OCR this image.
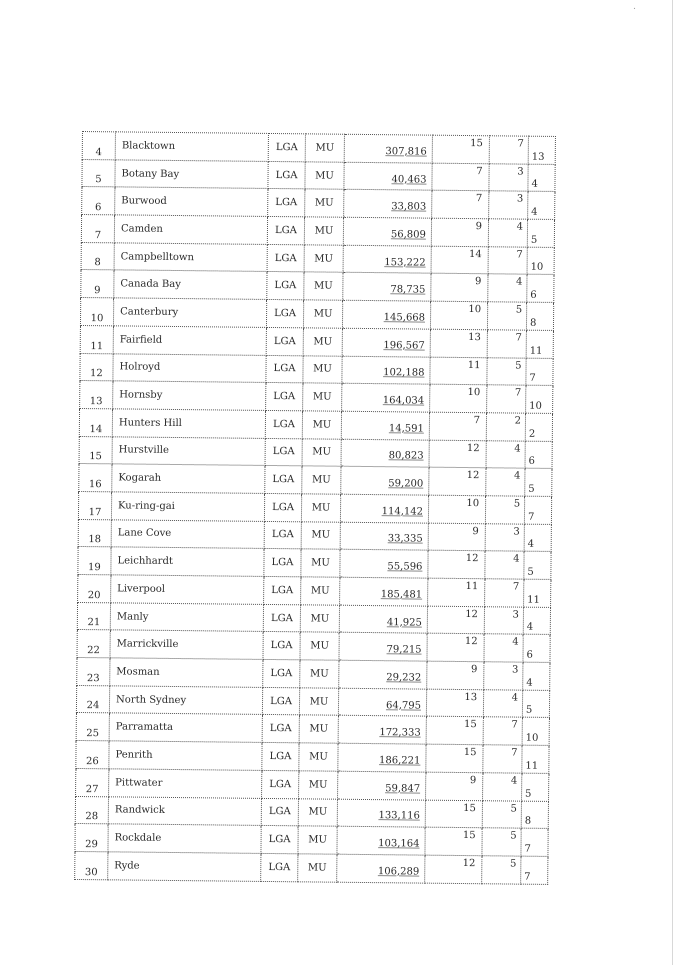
․
4	Blacktown	LGA	MU	307,816	15	7	13
5	Botany Bay	LGA	MU	40,463	7	3	4
6	Burwood	LGA	MU	33,803	7	3	4
7	Camden	LGA	MU	56,809	9	4	5
8	Campbelltown	LGA	MU	153,222	14	7	10
9	Canada Bay	LGA	MU	78,735	9	4	6
10	Canterbury	LGA	MU	145,668	10	5	8
11	Fairfield	LGA	MU	196,567	13	7	11
12	Holroyd	LGA	MU	102,188	11	5	7
13	Hornsby	LGA	MU	164,034	10	7	10
14	Hunters Hill	LGA	MU	14,591	7	2	2
15	Hurstville	LGA	MU	80,823	12	4	6
16	Kogarah	LGA	MU	59,200	12	4	5
17	Ku-ring-gai	LGA	MU	114,142	10	5	7
18	Lane Cove	LGA	MU	33,335	9	3	4
19	Leichhardt	LGA	MU	55,596	12	4	5
20	Liverpool	LGA	MU	185,481	11	7	11
21	Manly	LGA	MU	41,925	12	3	4
22	Marrickville	LGA	MU	79,215	12	4	6
23	Mosman	LGA	MU	29,232	9	3	4
24	North Sydney	LGA	MU	64,795	13	4	5
25	Parramatta	LGA	MU	172,333	15	7	10
26	Penrith	LGA	MU	186,221	15	7	11
27	Pittwater	LGA	MU	59,847	9	4	5
28	Randwick	LGA	MU	133,116	15	5	8
29	Rockdale	LGA	MU	103,164	15	5	7
30	Ryde	LGA	MU	106,289	12	5	7
